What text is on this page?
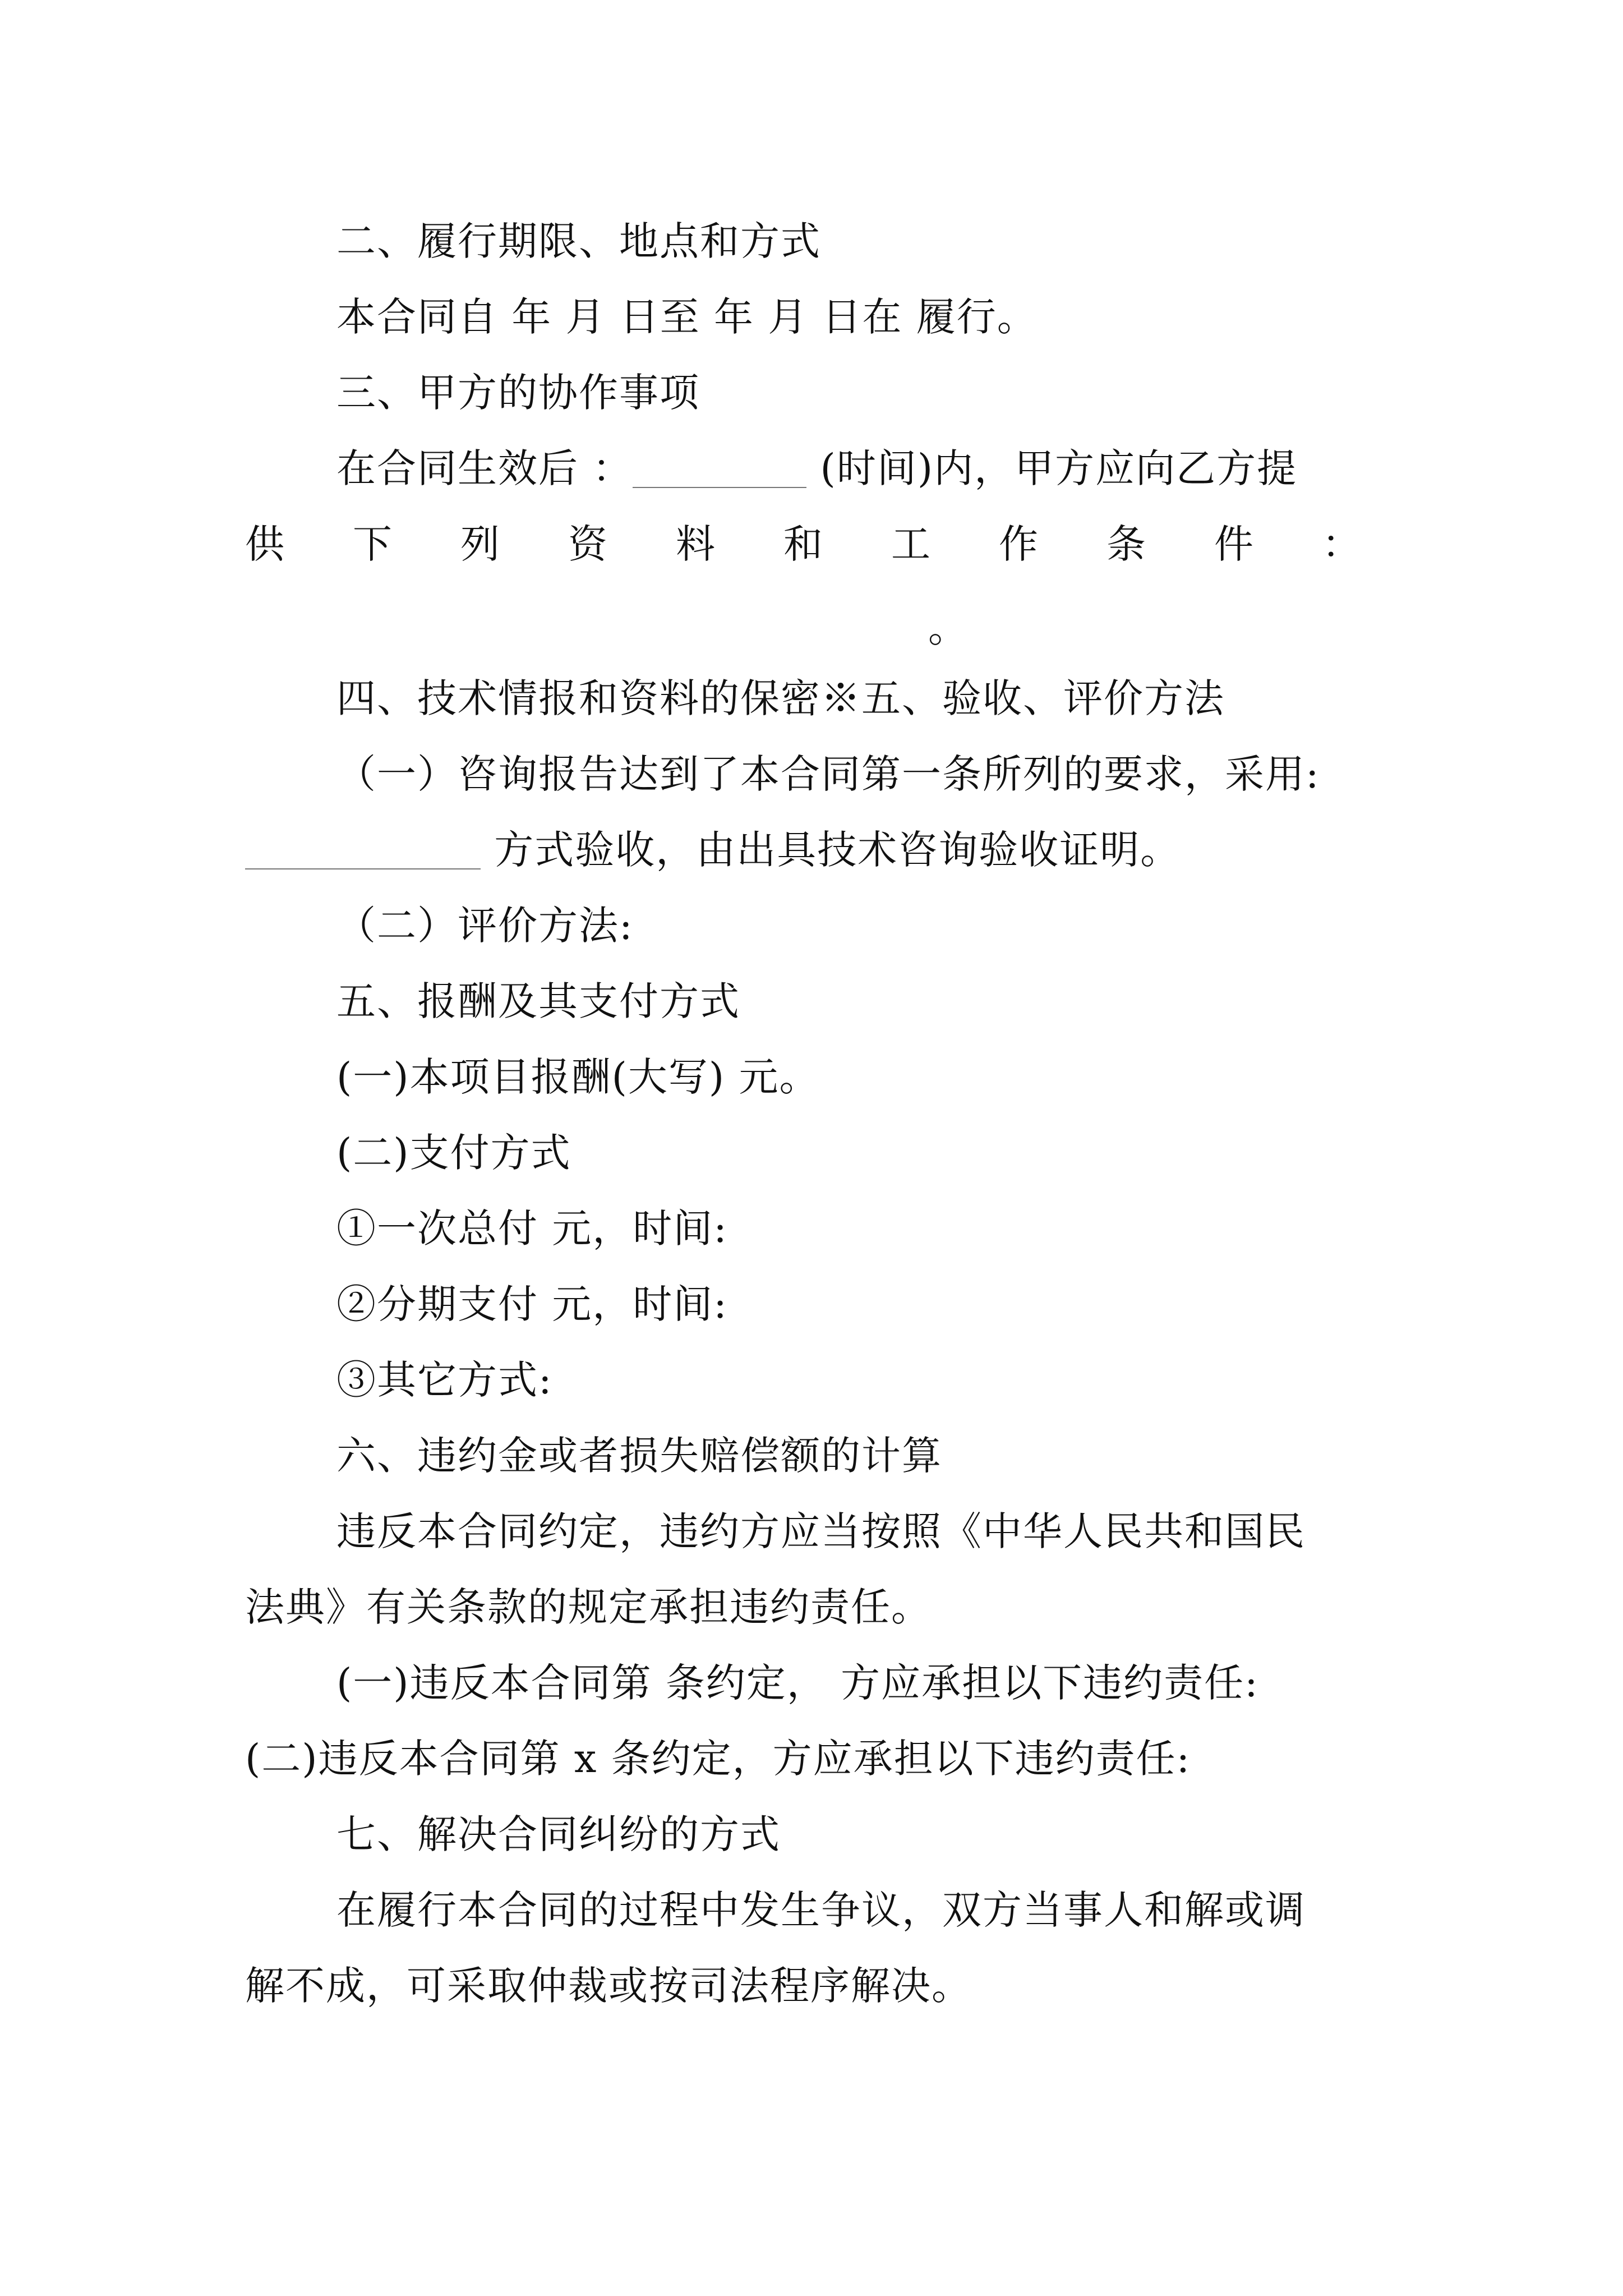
二、履行期限、地点和方式
本合同自 年 月 日至 年 月 日在 履行。
三、甲方的协作事项
在合同生效后 ：	(时间)内，甲方应向乙方提
供 下 列 资 料 和 工 作 条 件 ：
。
四、技术情报和资料的保密※五、验收、评价方法
（一）咨询报告达到了本合同第一条所列的要求，采用:
方式验收，由出具技术咨询验收证明。
（二）评价方法:
五、报酬及其支付方式
(一)本项目报酬(大写) 元。
(二)支付方式
①一次总付 元，时间:
②分期支付 元，时间:
③其它方式:
六、违约金或者损失赔偿额的计算
违反本合同约定，违约方应当按照《中华人民共和国民
法典》有关条款的规定承担违约责任。
(一)违反本合同第 条约定， 方应承担以下违约责任:
(二)违反本合同第 x 条约定，方应承担以下违约责任:
七、解决合同纠纷的方式
在履行本合同的过程中发生争议，双方当事人和解或调
解不成，可采取仲裁或按司法程序解决。
